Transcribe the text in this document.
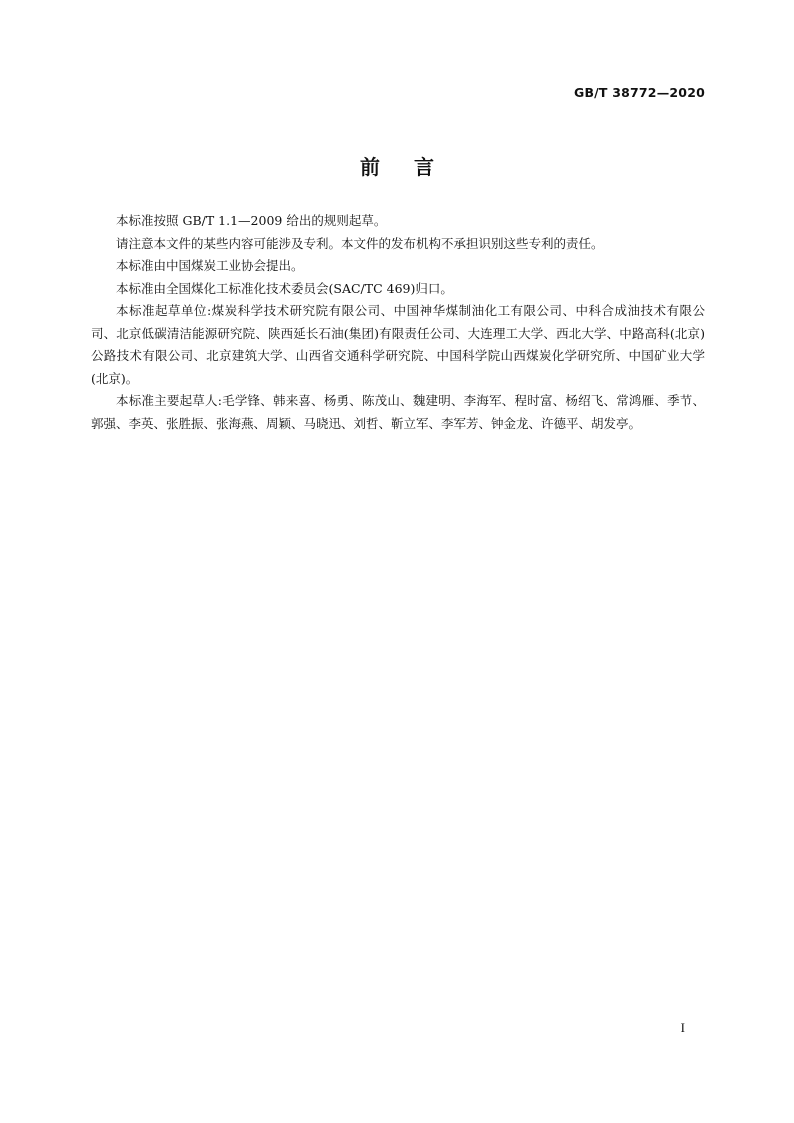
GB/T 38772—2020
前言

本标准按照 GB/T 1.1—2009 给出的规则起草。

请注意本文件的某些内容可能涉及专利。本文件的发布机构不承担识别这些专利的责任。

本标准由中国煤炭工业协会提出。

本标准由全国煤化工标准化技术委员会(SAC/TC 469)归口。

本标准起草单位:煤炭科学技术研究院有限公司、中国神华煤制油化工有限公司、中科合成油技术有限公司、北京低碳清洁能源研究院、陕西延长石油(集团)有限责任公司、大连理工大学、西北大学、中路高科(北京)公路技术有限公司、北京建筑大学、山西省交通科学研究院、中国科学院山西煤炭化学研究所、中国矿业大学(北京)。

本标准主要起草人:毛学锋、韩来喜、杨勇、陈茂山、魏建明、李海军、程时富、杨绍飞、常鸿雁、季节、郭强、李英、张胜振、张海燕、周颖、马晓迅、刘哲、靳立军、李军芳、钟金龙、许德平、胡发亭。

I
